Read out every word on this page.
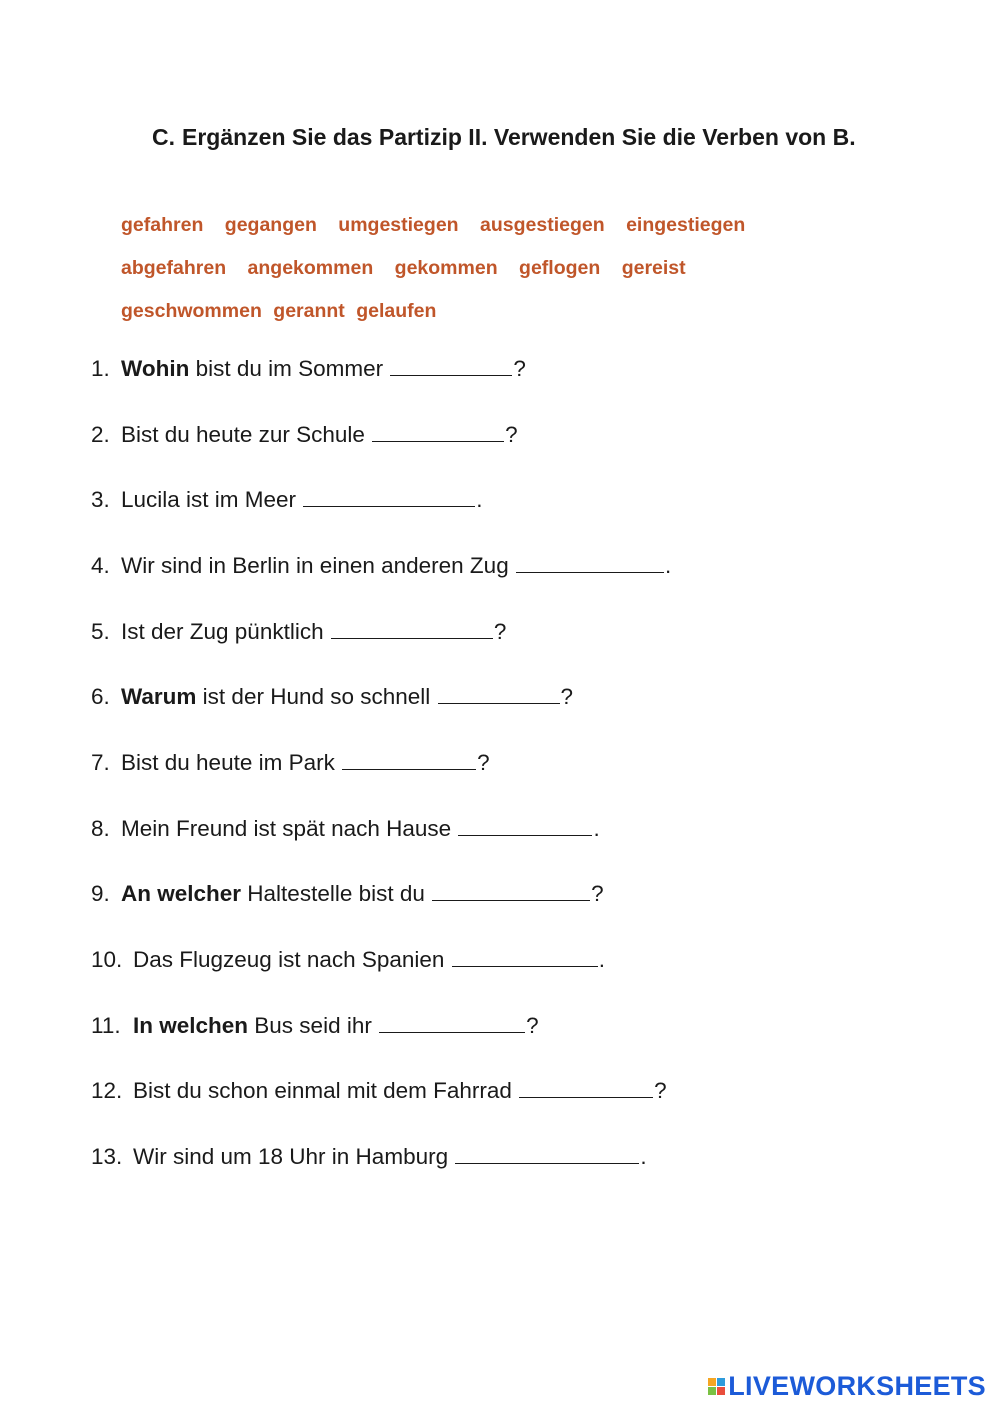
C. Ergänzen Sie das Partizip II. Verwenden Sie die Verben von B.
gefahren gegangen umgestiegen ausgestiegen eingestiegen
abgefahren angekommen gekommen geflogen gereist
geschwommen gerannt gelaufen
1. Wohin bist du im Sommer	?
2. Bist du heute zur Schule	?
3. Lucila ist im Meer	.
4. Wir sind in Berlin in einen anderen Zug	.
5. Ist der Zug pünktlich	?
6. Warum ist der Hund so schnell	?
7. Bist du heute im Park	?
8. Mein Freund ist spät nach Hause	.
9. An welcher Haltestelle bist du	?
10. Das Flugzeug ist nach Spanien	.
11. In welchen Bus seid ihr	?
12. Bist du schon einmal mit dem Fahrrad	?
13. Wir sind um 18 Uhr in Hamburg	.
LIVEWORKSHEETS
